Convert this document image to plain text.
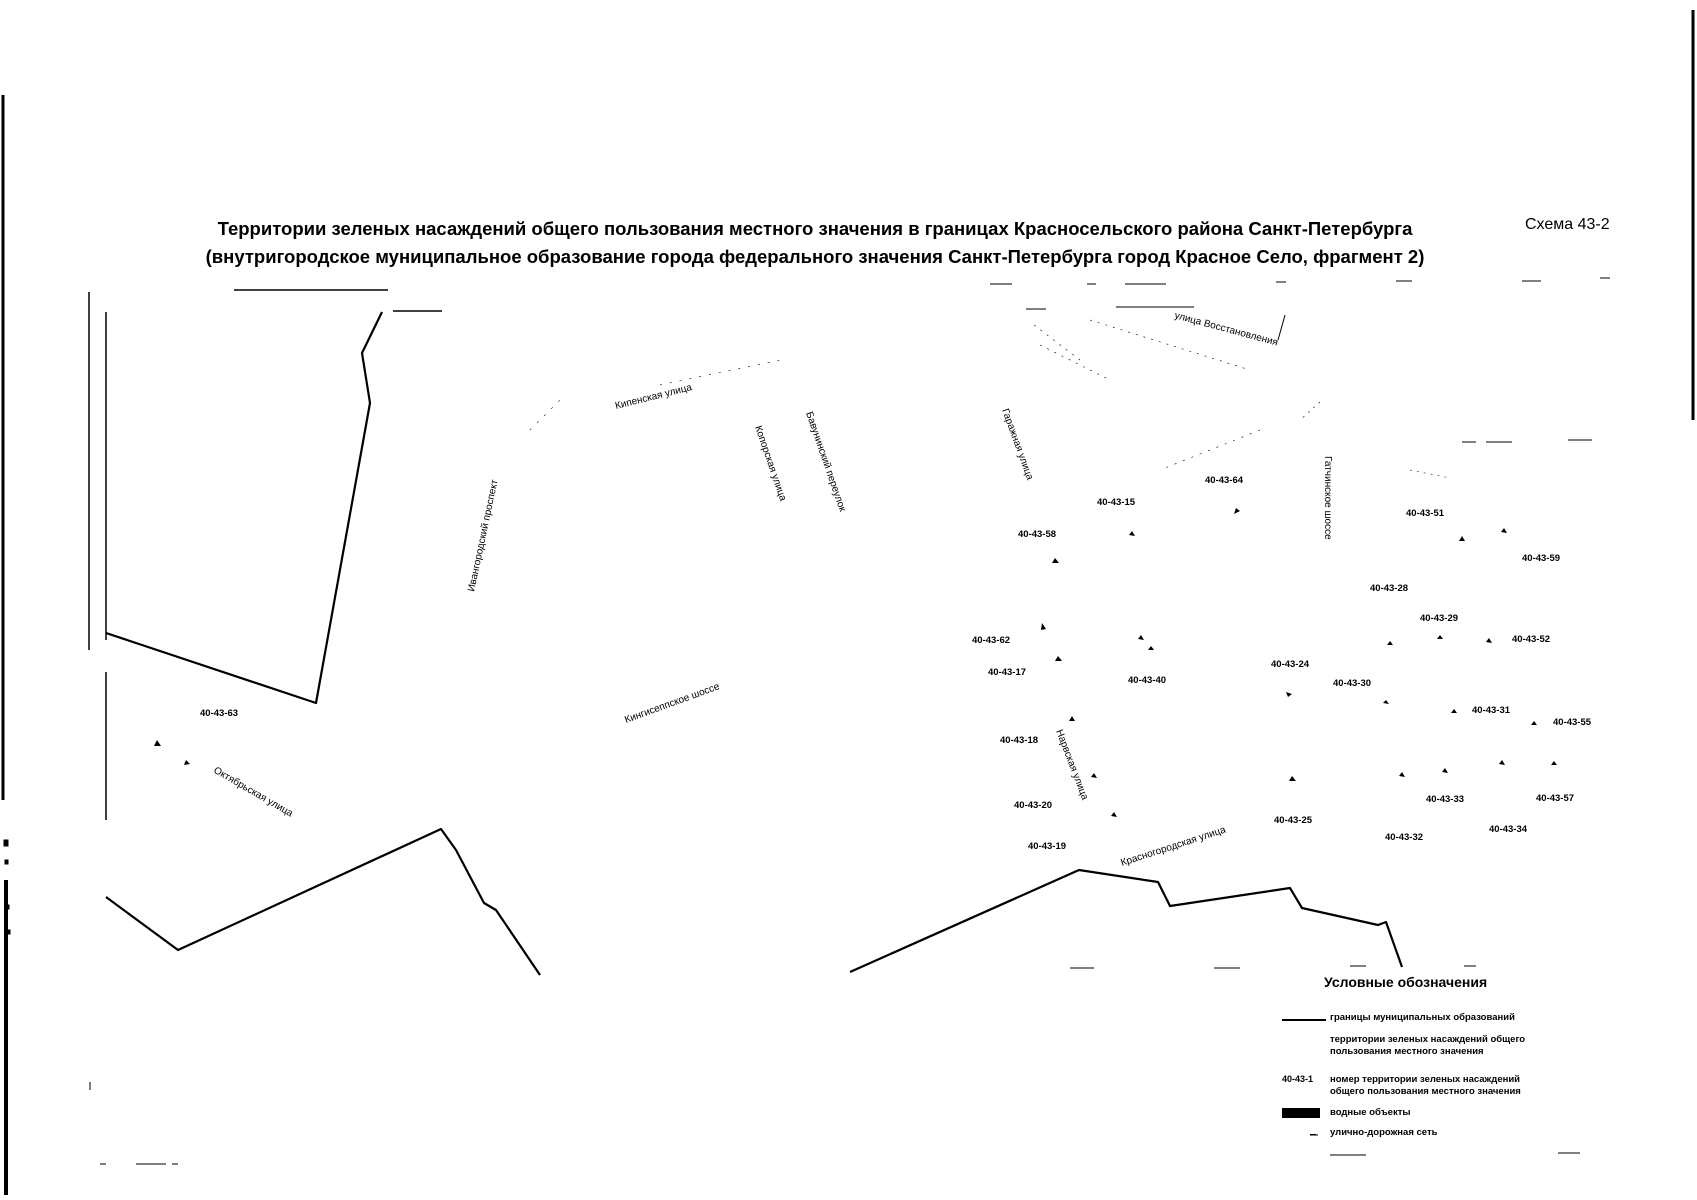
40-43-63
40-43-64
40-43-15
40-43-58
40-43-51
40-43-59
40-43-28
40-43-29
40-43-62	40-43-52
40-43-24
40-43-17
40-43-40	40-43-30
40-43-31
40-43-55
40-43-18
40-43-33	40-43-57
40-43-20
40-43-25
40-43-34
40-43-32
40-43-19
улица Восстановления
Кипенская улица
Гаражная улица
Бавунинский переулок
Копорская улица	Гатчинское шоссе
Ивангородский проспект
Кингисеппское шоссе
Октябрьская улица	Нарвская улица
Красногородская улица
Территории зеленых насаждений общего пользования местного значения в границах Красносельского района Санкт-Петербурга
(внутригородское муниципальное образование города федерального значения Санкт-Петербурга город Красное Село, фрагмент 2)
Схема 43-2
Условные обозначения
границы муниципальных образований
территории зеленых насаждений общего пользования местного значения
40-43-1	номер территории зеленых насаждений общего пользования местного значения
водные объекты
улично-дорожная сеть
